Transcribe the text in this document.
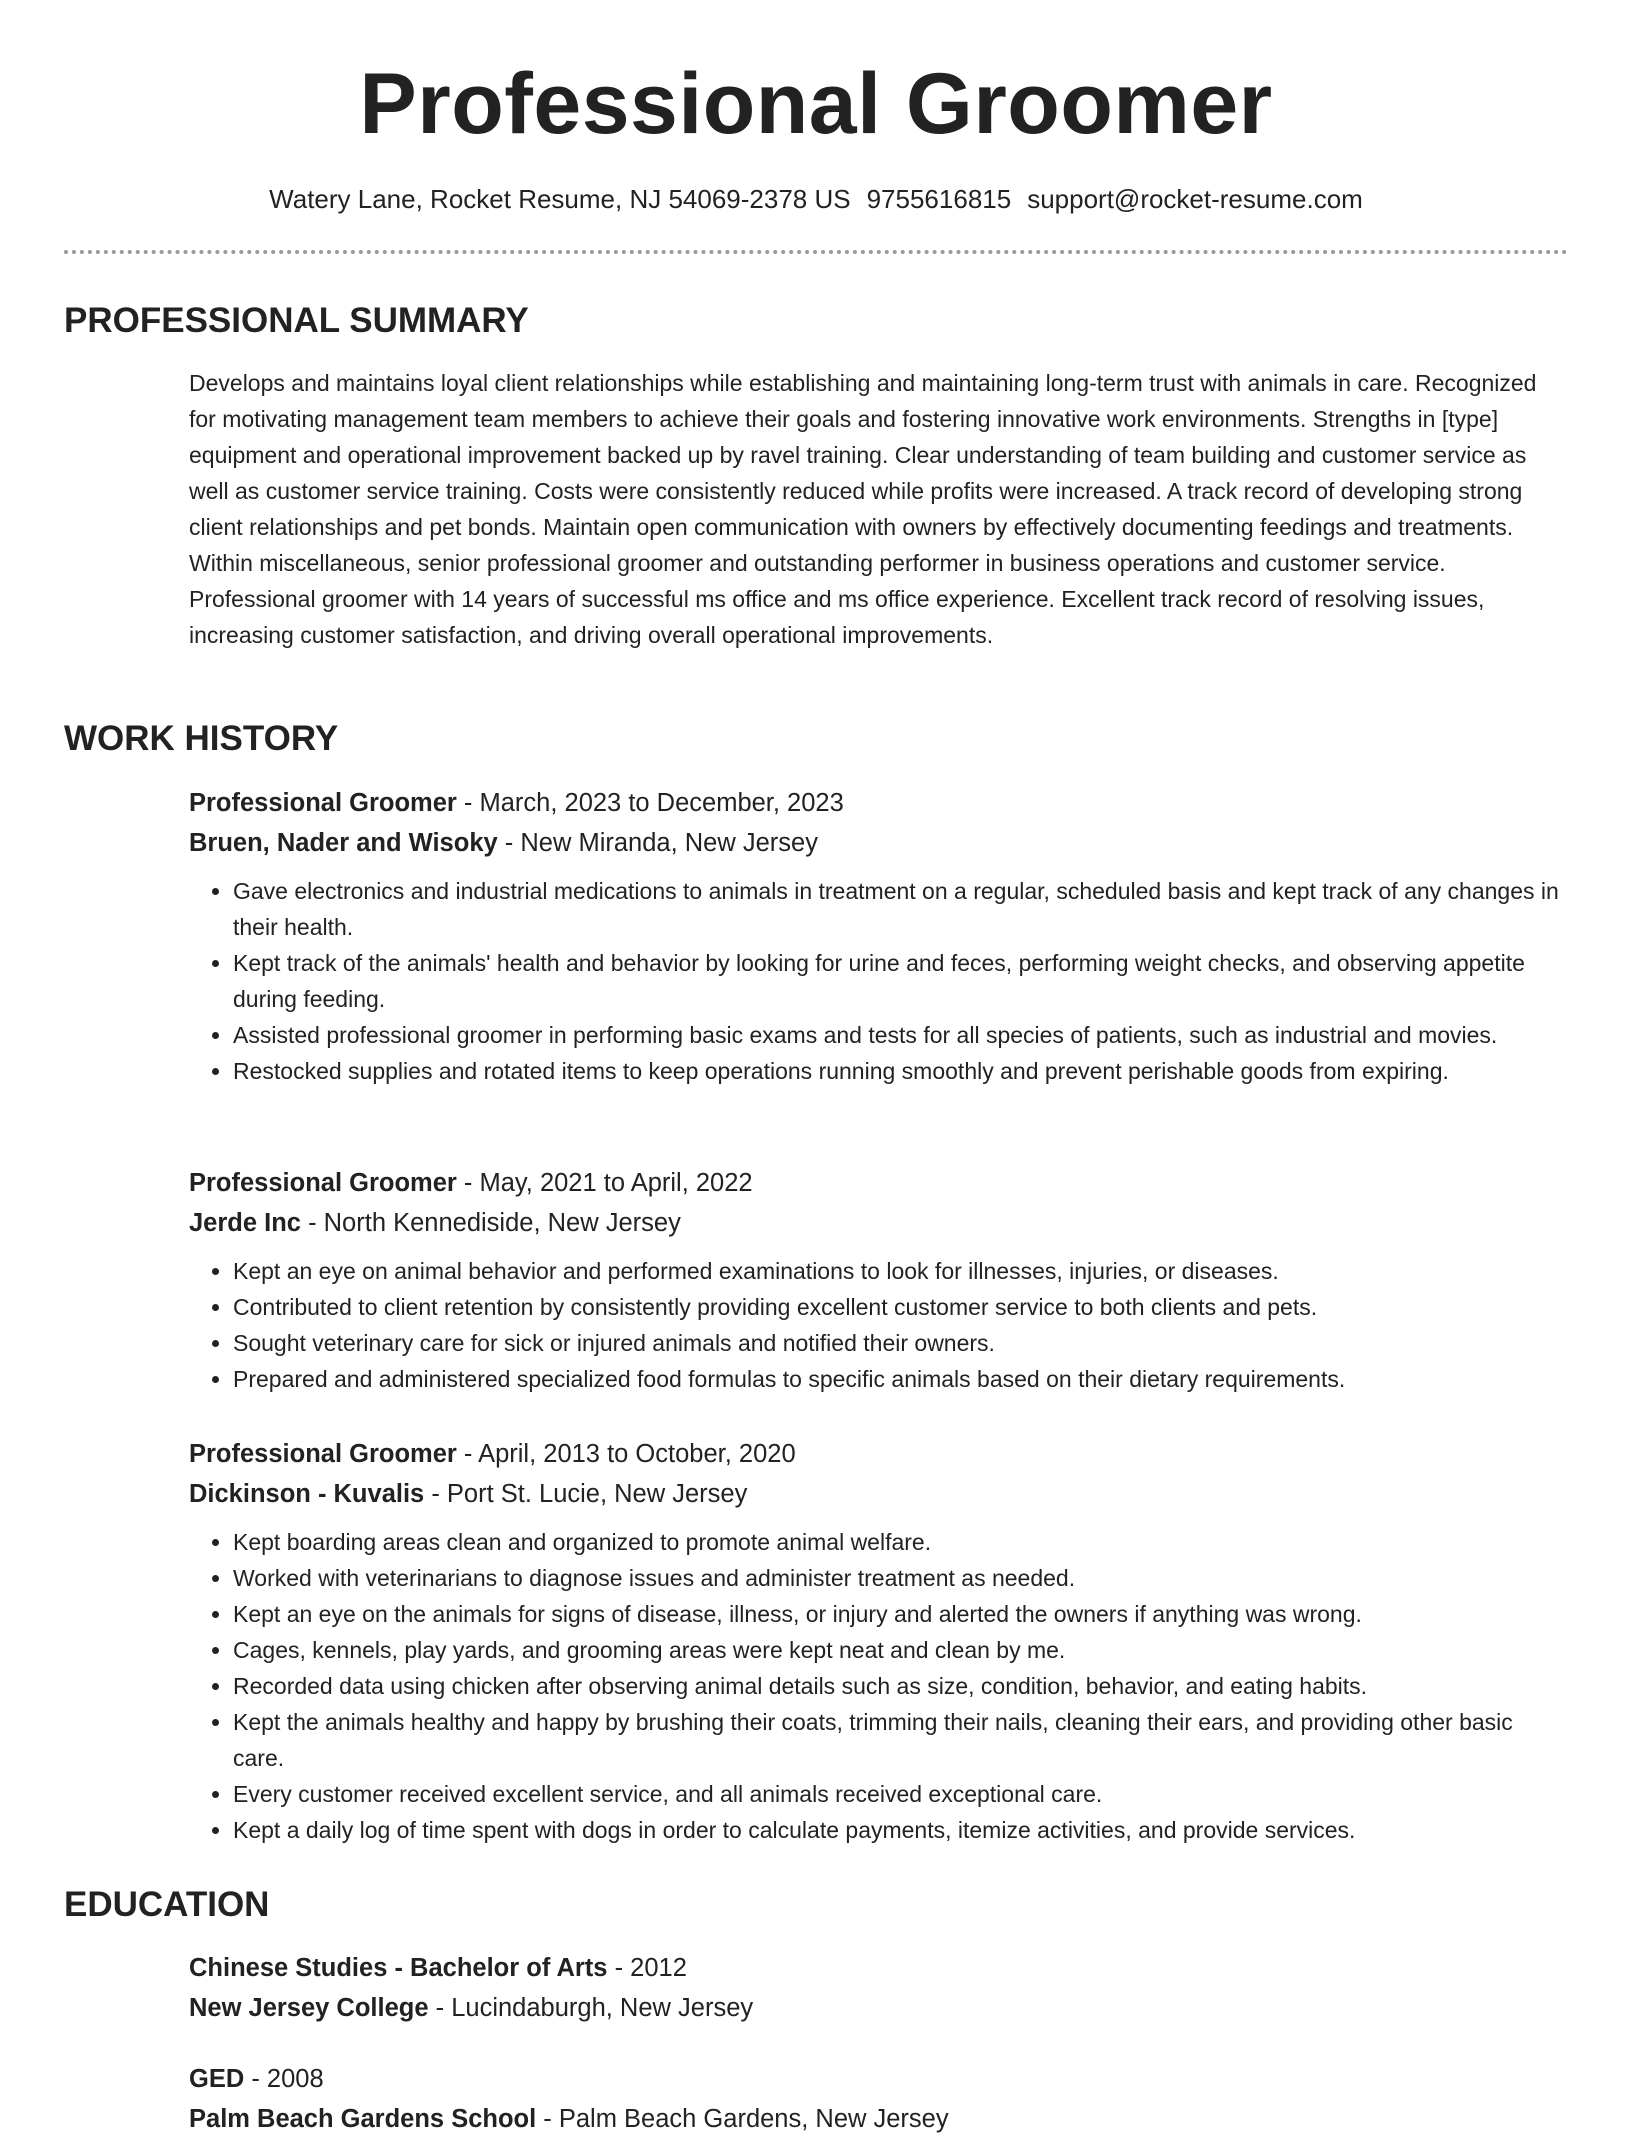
Professional Groomer
Watery Lane, Rocket Resume, NJ 54069-2378 US 9755616815 support@rocket-resume.com
PROFESSIONAL SUMMARY

Develops and maintains loyal client relationships while establishing and maintaining long-term trust with animals in care. Recognized for motivating management team members to achieve their goals and fostering innovative work environments. Strengths in [type] equipment and operational improvement backed up by ravel training. Clear understanding of team building and customer service as well as customer service training. Costs were consistently reduced while profits were increased. A track record of developing strong client relationships and pet bonds. Maintain open communication with owners by effectively documenting feedings and treatments. Within miscellaneous, senior professional groomer and outstanding performer in business operations and customer service. Professional groomer with 14 years of successful ms office and ms office experience. Excellent track record of resolving issues, increasing customer satisfaction, and driving overall operational improvements.

WORK HISTORY
Professional Groomer - March, 2023 to December, 2023
Bruen, Nader and Wisoky - New Miranda, New Jersey
• Gave electronics and industrial medications to animals in treatment on a regular, scheduled basis and kept track of any changes in their health.
• Kept track of the animals' health and behavior by looking for urine and feces, performing weight checks, and observing appetite during feeding.
• Assisted professional groomer in performing basic exams and tests for all species of patients, such as industrial and movies.
• Restocked supplies and rotated items to keep operations running smoothly and prevent perishable goods from expiring.
Professional Groomer - May, 2021 to April, 2022
Jerde Inc - North Kennediside, New Jersey
• Kept an eye on animal behavior and performed examinations to look for illnesses, injuries, or diseases.
• Contributed to client retention by consistently providing excellent customer service to both clients and pets.
• Sought veterinary care for sick or injured animals and notified their owners.
• Prepared and administered specialized food formulas to specific animals based on their dietary requirements.
Professional Groomer - April, 2013 to October, 2020
Dickinson - Kuvalis - Port St. Lucie, New Jersey
• Kept boarding areas clean and organized to promote animal welfare.
• Worked with veterinarians to diagnose issues and administer treatment as needed.
• Kept an eye on the animals for signs of disease, illness, or injury and alerted the owners if anything was wrong.
• Cages, kennels, play yards, and grooming areas were kept neat and clean by me.
• Recorded data using chicken after observing animal details such as size, condition, behavior, and eating habits.
• Kept the animals healthy and happy by brushing their coats, trimming their nails, cleaning their ears, and providing other basic care.
• Every customer received excellent service, and all animals received exceptional care.
• Kept a daily log of time spent with dogs in order to calculate payments, itemize activities, and provide services.
EDUCATION
Chinese Studies - Bachelor of Arts - 2012
New Jersey College - Lucindaburgh, New Jersey
GED - 2008
Palm Beach Gardens School - Palm Beach Gardens, New Jersey
